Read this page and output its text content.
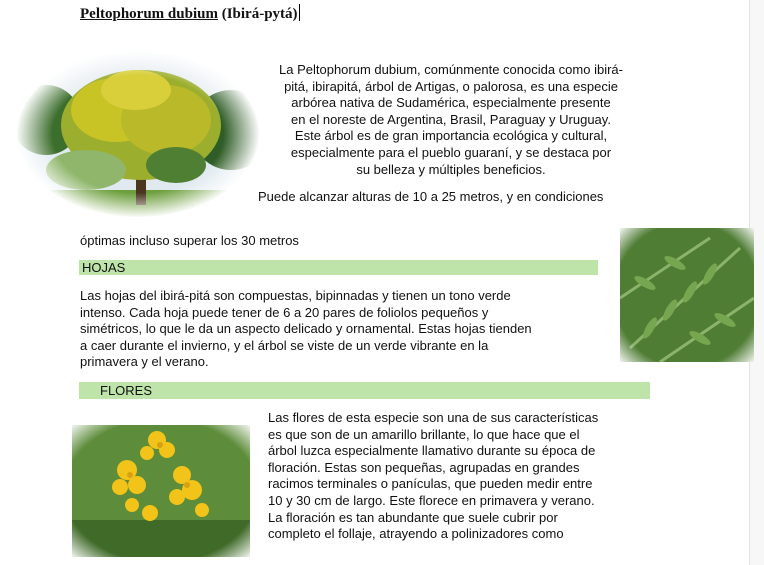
Peltophorum dubium (Ibirá-pytá)
La Peltophorum dubium, comúnmente conocida como ibirá-
pitá, ibirapitá, árbol de Artigas, o palorosa, es una especie
arbórea nativa de Sudamérica, especialmente presente
en el noreste de Argentina, Brasil, Paraguay y Uruguay.
Este árbol es de gran importancia ecológica y cultural,
especialmente para el pueblo guaraní, y se destaca por
su belleza y múltiples beneficios.
Puede alcanzar alturas de 10 a 25 metros, y en condiciones
óptimas incluso superar los 30 metros
HOJAS
Las hojas del ibirá-pitá son compuestas, bipinnadas y tienen un tono verde
intenso. Cada hoja puede tener de 6 a 20 pares de foliolos pequeños y
simétricos, lo que le da un aspecto delicado y ornamental. Estas hojas tienden
a caer durante el invierno, y el árbol se viste de un verde vibrante en la
primavera y el verano.
FLORES
Las flores de esta especie son una de sus características
es que son de un amarillo brillante, lo que hace que el
árbol luzca especialmente llamativo durante su época de
floración. Estas son pequeñas, agrupadas en grandes
racimos terminales o panículas, que pueden medir entre
10 y 30 cm de largo. Este florece en primavera y verano.
La floración es tan abundante que suele cubrir por
completo el follaje, atrayendo a polinizadores como
